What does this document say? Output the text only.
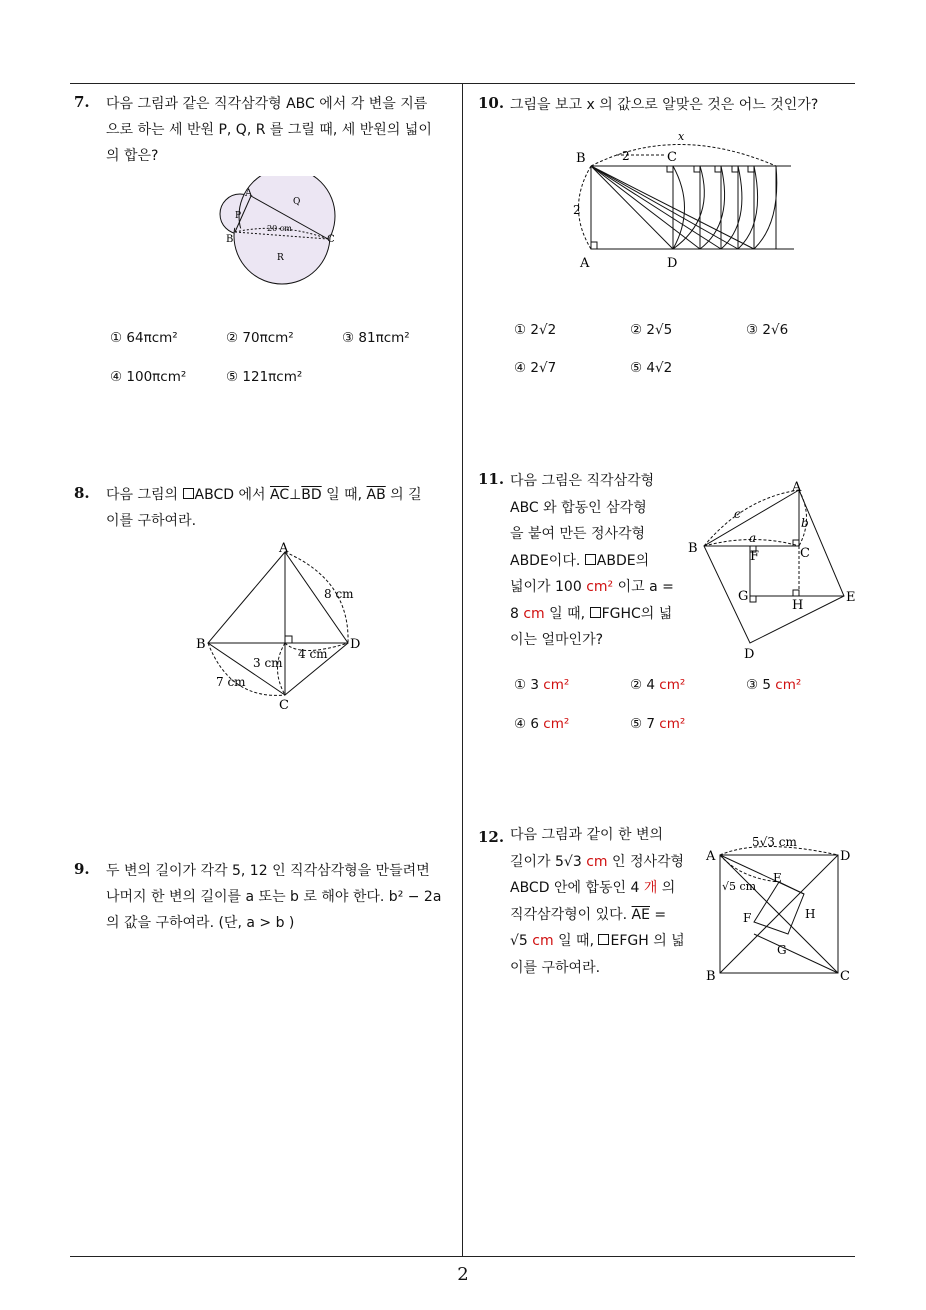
7. 다음 그림과 같은 직각삼각형 ABC 에서 각 변을 지름
으로 하는 세 반원 P, Q, R 를 그릴 때, 세 반원의 넓이
의 합은?
A
B	C
P
Q
R
20 cm
① 64πcm²	② 70πcm²	③ 81πcm²
④ 100πcm²	⑤ 121πcm²
8. 다음 그림의 ABCD 에서 $\overline{AC}\perp\overline{BD}$ 일 때, $\overline{AB}$ 의 길
이를 구하여라.
A
B
C
D
8 cm
4 cm
3 cm
7 cm
9. 두 변의 길이가 각각 5, 12 인 직각삼각형을 만들려면
나머지 한 변의 길이를 a 또는 b 로 해야 한다. b² − 2a
의 값을 구하여라. (단, a > b )
10. 그림을 보고 x 의 값으로 알맞은 것은 어느 것인가?
B	C
A	D
x
2
2
① 2√2	② 2√5	③ 2√6
④ 2√7	⑤ 4√2
11. 다음 그림은 직각삼각형
ABC 와 합동인 삼각형
을 붙여 만든 정사각형
ABDE이다. ABDE의
넓이가 100 cm² 이고 a =
8 cm 일 때, FGHC의 넓
이는 얼마인가?
A
B	C
D
E
F
G
H
a
b
c
① 3 cm²	② 4 cm²	③ 5 cm²
④ 6 cm²	⑤ 7 cm²
12. 다음 그림과 같이 한 변의
길이가 5√3 cm 인 정사각형
ABCD 안에 합동인 4 개 의
직각삼각형이 있다. $\overline{AE}$ =
√5 cm 일 때, EFGH 의 넓
이를 구하여라.
A
B	C
D
E
F
G
H
5√3 cm
√5 cm
2
